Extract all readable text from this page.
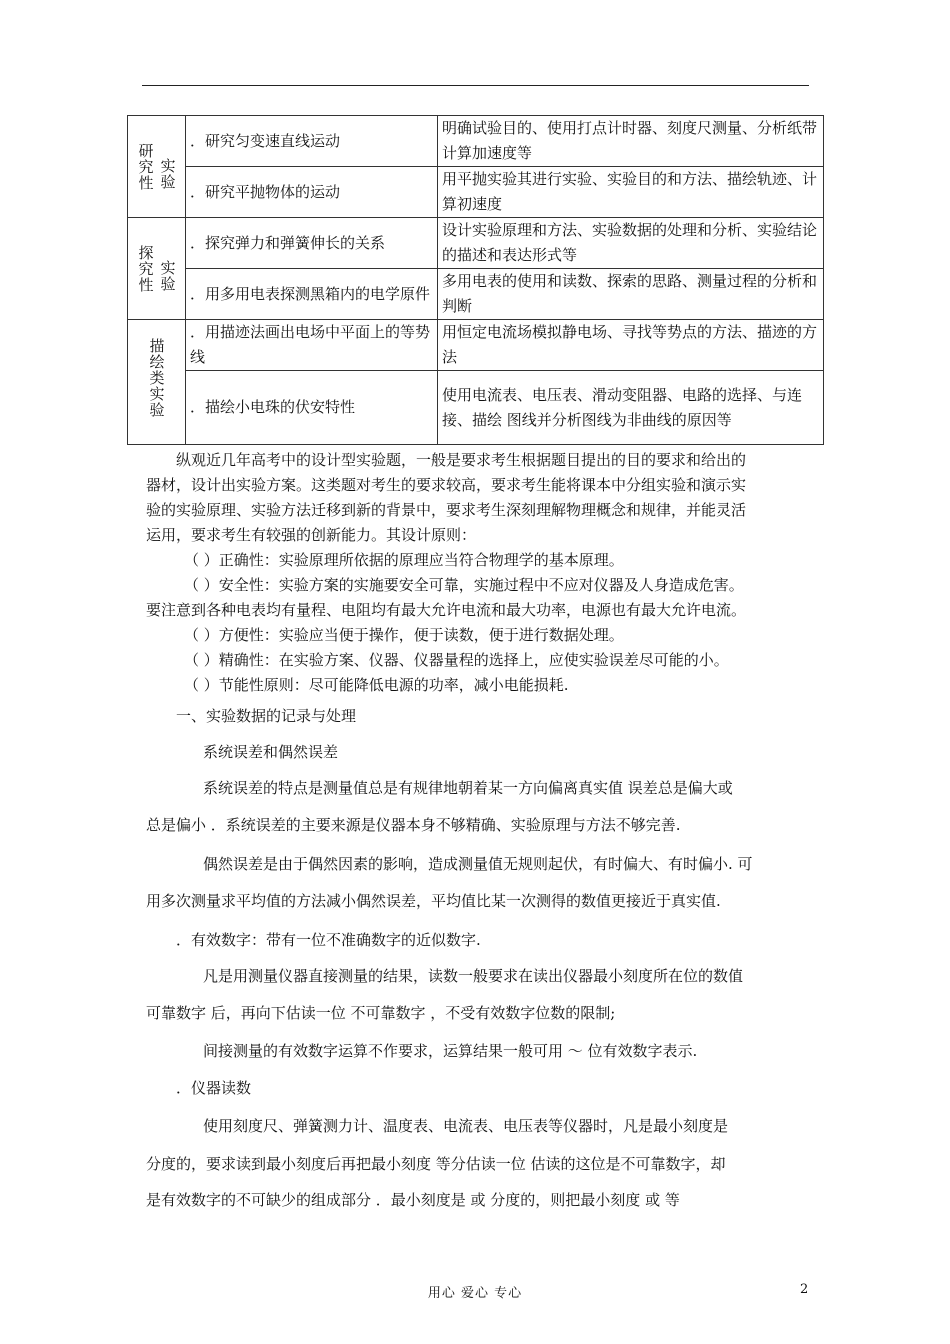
实验
研究性	．研究匀变速直线运动	明确试验目的、使用打点计时器、刻度尺测量、分析纸带计算加速度等
	．研究平抛物体的运动	用平抛实验其进行实验、实验目的和方法、描绘轨迹、计算初速度

实验
探究性	．探究弹力和弹簧伸长的关系	设计实验原理和方法、实验数据的处理和分析、实验结论的描述和表达形式等
	．用多用电表探测黑箱内的电学原件	多用电表的使用和读数、探索的思路、测量过程的分析和判断
描绘类实验	．用描迹法画出电场中平面上的等势线	用恒定电流场模拟静电场、寻找等势点的方法、描迹的方法
	．描绘小电珠的伏安特性	使用电流表、电压表、滑动变阻器、电路的选择、与连接、描绘 图线并分析图线为非曲线的原因等
纵观近几年高考中的设计型实验题，一般是要求考生根据题目提出的目的要求和给出的
器材，设计出实验方案。这类题对考生的要求较高，要求考生能将课本中分组实验和演示实
验的实验原理、实验方法迁移到新的背景中，要求考生深刻理解物理概念和规律，并能灵活
运用，要求考生有较强的创新能力。其设计原则：
（ ）正确性：实验原理所依据的原理应当符合物理学的基本原理。
（ ）安全性：实验方案的实施要安全可靠，实施过程中不应对仪器及人身造成危害。
要注意到各种电表均有量程、电阻均有最大允许电流和最大功率，电源也有最大允许电流。
（ ）方便性：实验应当便于操作，便于读数，便于进行数据处理。
（ ）精确性：在实验方案、仪器、仪器量程的选择上，应使实验误差尽可能的小。
（ ）节能性原则：尽可能降低电源的功率，减小电能损耗.
一、实验数据的记录与处理
系统误差和偶然误差
系统误差的特点是测量值总是有规律地朝着某一方向偏离真实值 误差总是偏大或
总是偏小 ．系统误差的主要来源是仪器本身不够精确、实验原理与方法不够完善.
偶然误差是由于偶然因素的影响，造成测量值无规则起伏，有时偏大、有时偏小. 可
用多次测量求平均值的方法减小偶然误差，平均值比某一次测得的数值更接近于真实值.
．有效数字：带有一位不准确数字的近似数字.
凡是用测量仪器直接测量的结果，读数一般要求在读出仪器最小刻度所在位的数值
可靠数字 后，再向下估读一位 不可靠数字 ，不受有效数字位数的限制;
间接测量的有效数字运算不作要求，运算结果一般可用 ～ 位有效数字表示.
．仪器读数
使用刻度尺、弹簧测力计、温度表、电流表、电压表等仪器时，凡是最小刻度是
分度的，要求读到最小刻度后再把最小刻度 等分估读一位 估读的这位是不可靠数字，却
是有效数字的不可缺少的组成部分 ．最小刻度是 或 分度的，则把最小刻度 或 等
用心 爱心 专心	2
